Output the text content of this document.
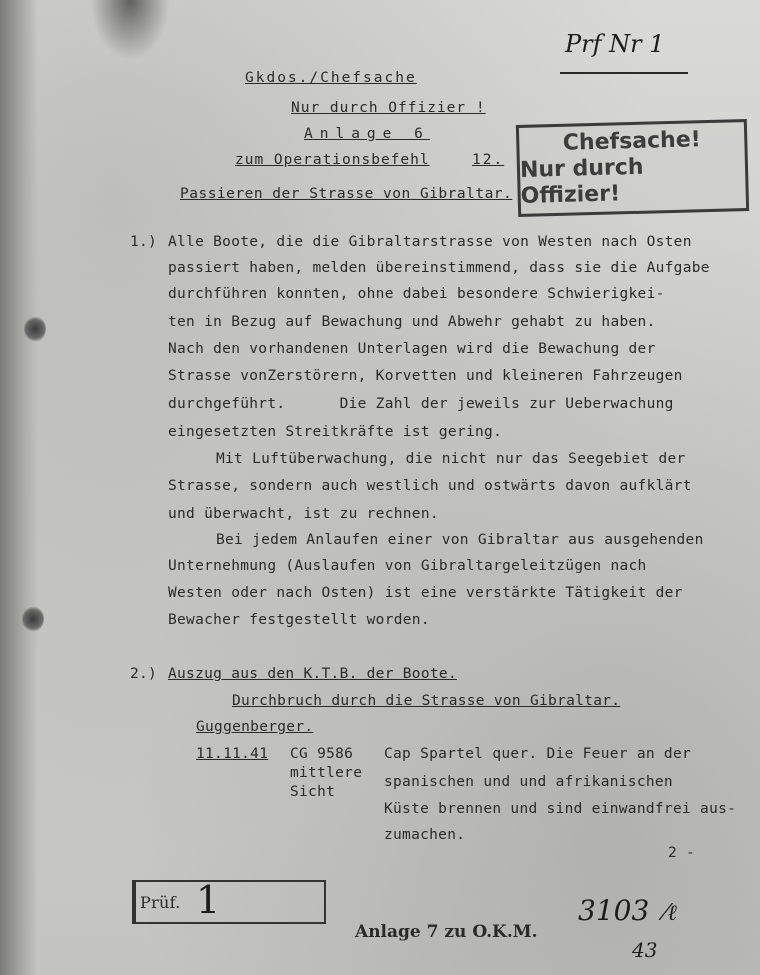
Prf Nr 1
Gkdos./Chefsache
Nur durch Offizier !
Anlage 6
zum Operationsbefehl	12.
Passieren der Strasse von Gibraltar.
Chefsache!
Nur durch Offizier!
1.) Alle Boote, die die Gibraltarstrasse von Westen nach Osten
passiert haben, melden übereinstimmend, dass sie die Aufgabe
durchführen konnten, ohne dabei besondere Schwierigkei-
ten in Bezug auf Bewachung und Abwehr gehabt zu haben.
Nach den vorhandenen Unterlagen wird die Bewachung der
Strasse vonZerstörern, Korvetten und kleineren Fahrzeugen
durchgeführt.      Die Zahl der jeweils zur Ueberwachung
eingesetzten Streitkräfte ist gering.
Mit Luftüberwachung, die nicht nur das Seegebiet der
Strasse, sondern auch westlich und ostwärts davon aufklärt
und überwacht, ist zu rechnen.
Bei jedem Anlaufen einer von Gibraltar aus ausgehenden
Unternehmung (Auslaufen von Gibraltargeleitzügen nach
Westen oder nach Osten) ist eine verstärkte Tätigkeit der
Bewacher festgestellt worden.
2.) Auszug aus den K.T.B. der Boote.
Durchbruch durch die Strasse von Gibraltar.
Guggenberger.
11.11.41 CG 9586
mittlere
Sicht
Cap Spartel quer. Die Feuer an der
spanischen und und afrikanischen
Küste brennen und sind einwandfrei aus-
zumachen.
2 -
Prüf. 1
Anlage 7 zu O.K.M.
3103 ⁄ℓ
43
